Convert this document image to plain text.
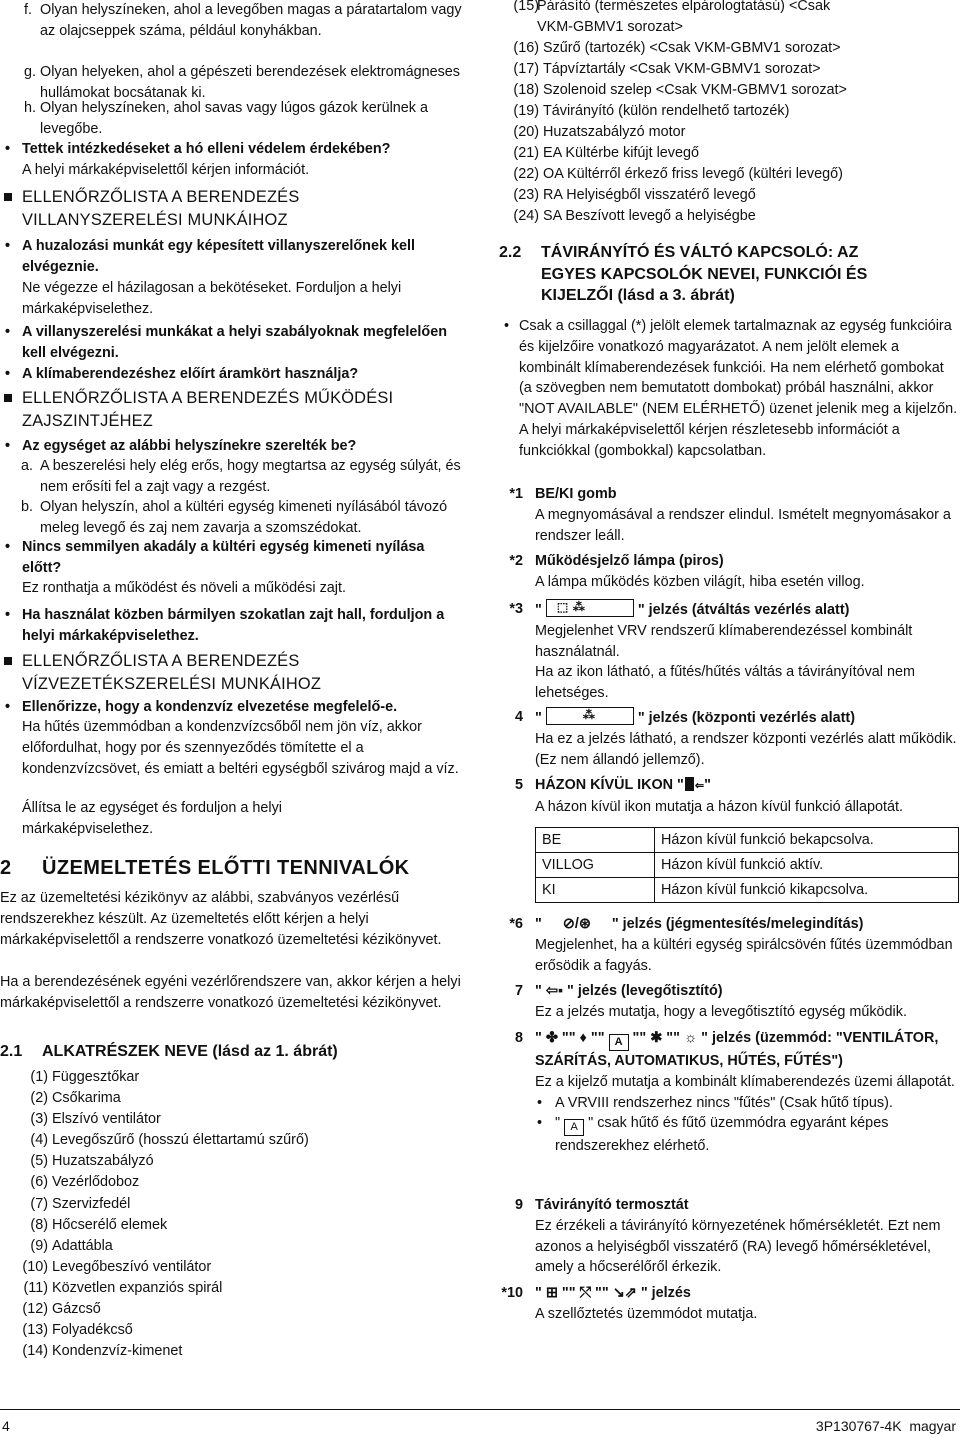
f. Olyan helyszíneken, ahol a levegőben magas a páratartalom vagy az olajcseppek száma, például konyhákban.
g. Olyan helyeken, ahol a gépészeti berendezések elektromágneses hullámokat bocsátanak ki.
h. Olyan helyszíneken, ahol savas vagy lúgos gázok kerülnek a levegőbe.
• Tettek intézkedéseket a hó elleni védelem érdekében?
A helyi márkaképviselettől kérjen információt.
ELLENŐRZŐLISTA A BERENDEZÉS VILLANYSZERELÉSI MUNKÁIHOZ
• A huzalozási munkát egy képesített villanyszerelőnek kell elvégeznie.
Ne végezze el házilagosan a bekötéseket. Forduljon a helyi márkaképviselethez.
• A villanyszerelési munkákat a helyi szabályoknak megfelelően kell elvégezni.
• A klímaberendezéshez előírt áramkört használja?
ELLENŐRZŐLISTA A BERENDEZÉS MŰKÖDÉSI ZAJSZINTJÉHEZ
• Az egységet az alábbi helyszínekre szerelték be?
a. A beszerelési hely elég erős, hogy megtartsa az egység súlyát, és nem erősíti fel a zajt vagy a rezgést.
b. Olyan helyszín, ahol a kültéri egység kimeneti nyílásából távozó meleg levegő és zaj nem zavarja a szomszédokat.
• Nincs semmilyen akadály a kültéri egység kimeneti nyílása előtt?
Ez ronthatja a működést és növeli a működési zajt.
• Ha használat közben bármilyen szokatlan zajt hall, forduljon a helyi márkaképviselethez.
ELLENŐRZŐLISTA A BERENDEZÉS VÍZVEZETÉKSZERELÉSI MUNKÁIHOZ
• Ellenőrizze, hogy a kondenzvíz elvezetése megfelelő-e.
Ha hűtés üzemmódban a kondenzvízcsőből nem jön víz, akkor előfordulhat, hogy por és szennyeződés tömítette el a kondenzvízcsövet, és emiatt a beltéri egységből szivárog majd a víz.
Állítsa le az egységet és forduljon a helyi márkaképviselethez.
2 ÜZEMELTETÉS ELŐTTI TENNIVALÓK
Ez az üzemeltetési kézikönyv az alábbi, szabványos vezérlésű rendszerekhez készült. Az üzemeltetés előtt kérjen a helyi márkaképviselettől a rendszerre vonatkozó üzemeltetési kézikönyvet.
Ha a berendezésének egyéni vezérlőrendszere van, akkor kérjen a helyi márkaképviselettől a rendszerre vonatkozó üzemeltetési kézikönyvet.
2.1 ALKATRÉSZEK NEVE (lásd az 1. ábrát)
(1) Függesztőkar
(2) Csőkarima
(3) Elszívó ventilátor
(4) Levegőszűrő (hosszú élettartamú szűrő)
(5) Huzatszabályzó
(6) Vezérlődoboz
(7) Szervizfedél
(8) Hőcserélő elemek
(9) Adattábla
(10) Levegőbeszívó ventilátor
(11) Közvetlen expanziós spirál
(12) Gázcső
(13) Folyadékcső
(14) Kondenzvíz-kimenet
(15)
Párásító (természetes elpárologtatású) <Csak VKM-GBMV1 sorozat>
(16) Szűrő (tartozék) <Csak VKM-GBMV1 sorozat>
(17) Tápvíztartály <Csak VKM-GBMV1 sorozat>
(18) Szolenoid szelep <Csak VKM-GBMV1 sorozat>
(19) Távirányító (külön rendelhető tartozék)
(20) Huzatszabályzó motor
(21) EA Kültérbe kifújt levegő
(22) OA Kültérről érkező friss levegő (kültéri levegő)
(23) RA Helyiségből visszatérő levegő
(24) SA Beszívott levegő a helyiségbe
2.2 TÁVIRÁNYÍTÓ ÉS VÁLTÓ KAPCSOLÓ: AZ EGYES KAPCSOLÓK NEVEI, FUNKCIÓI ÉS KIJELZŐI (lásd a 3. ábrát)
• Csak a csillaggal (*) jelölt elemek tartalmaznak az egység funkcióira és kijelzőire vonatkozó magyarázatot. A nem jelölt elemek a kombinált klímaberendezések funkciói. Ha nem elérhető gombokat (a szövegben nem bemutatott dombokat) próbál használni, akkor "NOT AVAILABLE" (NEM ELÉRHETŐ) üzenet jelenik meg a kijelzőn. A helyi márkaképviselettől kérjen részletesebb információt a funkciókkal (gombokkal) kapcsolatban.
*1 BE/KI gomb
A megnyomásával a rendszer elindul. Ismételt megnyomásakor a rendszer leáll.
*2 Működésjelző lámpa (piros)
A lámpa működés közben világít, hiba esetén villog.
*3 " ⬚ ⁂	" jelzés (átváltás vezérlés alatt)
Megjelenhet VRV rendszerű klímaberendezéssel kombinált használatnál.
Ha az ikon látható, a fűtés/hűtés váltás a távirányítóval nem lehetséges.
4 "	⁂	" jelzés (központi vezérlés alatt)
Ha ez a jelzés látható, a rendszer központi vezérlés alatt működik. (Ez nem állandó jellemző).
5 HÁZON KÍVÜL IKON " ⇐"
A házon kívül ikon mutatja a házon kívül funkció állapotát.
BE	Házon kívül funkció bekapcsolva.
VILLOG	Házon kívül funkció aktív.
KI	Házon kívül funkció kikapcsolva.
*6 " ⊘/⊛ " jelzés (jégmentesítés/melegindítás)
Megjelenhet, ha a kültéri egység spirálcsövén fűtés üzemmódban erősödik a fagyás.
7 " ⇦▪ " jelzés (levegőtisztító)
Ez a jelzés mutatja, hogy a levegőtisztító egység működik.
8 " ✤ "" ♦ "" A "" ✱ "" ☼ " jelzés (üzemmód: "VENTILÁTOR, SZÁRÍTÁS, AUTOMATIKUS, HŰTÉS, FŰTÉS")
Ez a kijelző mutatja a kombinált klímaberendezés üzemi állapotát.
• A VRVIII rendszerhez nincs "fűtés" (Csak hűtő típus).
• " A " csak hűtő és fűtő üzemmódra egyaránt képes rendszerekhez elérhető.
9 Távirányító termosztát
Ez érzékeli a távirányító környezetének hőmérsékletét. Ezt nem azonos a helyiségből visszatérő (RA) levegő hőmérsékletével, amely a hőcserélőről érkezik.
*10 " ⊞ "" ⤲ "" ↘⇗ " jelzés
A szellőztetés üzemmódot mutatja.
4	3P130767-4K  magyar
